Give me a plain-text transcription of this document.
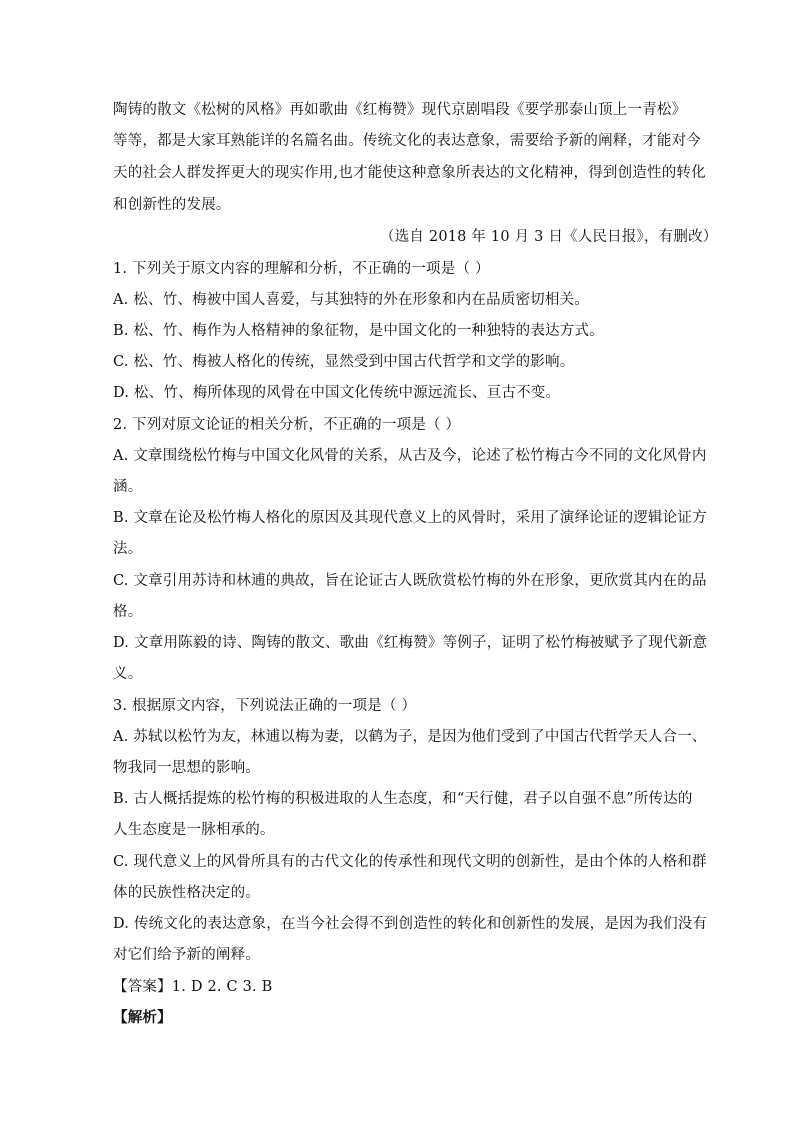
陶铸的散文《松树的风格》再如歌曲《红梅赞》现代京剧唱段《要学那泰山顶上一青松》
等等，都是大家耳熟能详的名篇名曲。传统文化的表达意象，需要给予新的阐释，才能对今
天的社会人群发挥更大的现实作用,也才能使这种意象所表达的文化精神，得到创造性的转化
和创新性的发展。
（选自 2018 年 10 月 3 日《人民日报》，有删改）
1. 下列关于原文内容的理解和分析，不正确的一项是（ ）
A. 松、竹、梅被中国人喜爱，与其独特的外在形象和内在品质密切相关。
B. 松、竹、梅作为人格精神的象征物，是中国文化的一种独特的表达方式。
C. 松、竹、梅被人格化的传统，显然受到中国古代哲学和文学的影响。
D. 松、竹、梅所体现的风骨在中国文化传统中源远流长、亘古不变。
2. 下列对原文论证的相关分析，不正确的一项是（ ）
A. 文章围绕松竹梅与中国文化风骨的关系，从古及今，论述了松竹梅古今不同的文化风骨内
涵。
B. 文章在论及松竹梅人格化的原因及其现代意义上的风骨时，采用了演绎论证的逻辑论证方
法。
C. 文章引用苏诗和林逋的典故，旨在论证古人既欣赏松竹梅的外在形象，更欣赏其内在的品
格。
D. 文章用陈毅的诗、陶铸的散文、歌曲《红梅赞》等例子，证明了松竹梅被赋予了现代新意
义。
3. 根据原文内容，下列说法正确的一项是（ ）
A. 苏轼以松竹为友，林逋以梅为妻，以鹤为子，是因为他们受到了中国古代哲学天人合一、
物我同一思想的影响。
B. 古人概括提炼的松竹梅的积极进取的人生态度，和“天行健，君子以自强不息”所传达的
人生态度是一脉相承的。
C. 现代意义上的风骨所具有的古代文化的传承性和现代文明的创新性，是由个体的人格和群
体的民族性格决定的。
D. 传统文化的表达意象，在当今社会得不到创造性的转化和创新性的发展，是因为我们没有
对它们给予新的阐释。
【答案】1. D 2. C 3. B
【解析】
